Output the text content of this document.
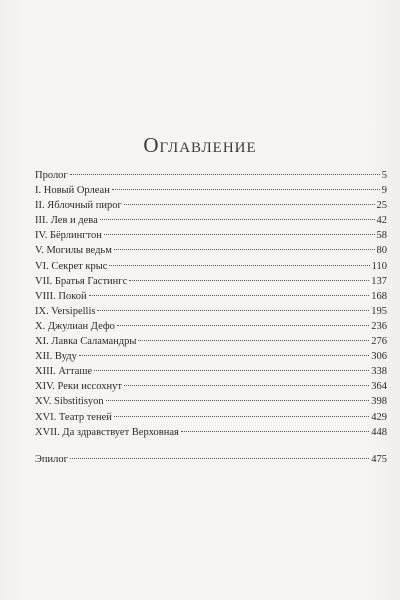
Оглавление
Пролог	5
I. Новый Орлеан	9
II. Яблочный пирог	25
III. Лев и дева	42
IV. Бёрлингтон	58
V. Могилы ведьм	80
VI. Секрет крыс	110
VII. Братья Гастингс	137
VIII. Покой	168
IX. Versipellis	195
X. Джулиан Дефо	236
XI. Лавка Саламандры	276
XII. Вуду	306
XIII. Атташе	338
XIV. Реки иссохнут	364
XV. Sibstitisyon	398
XVI. Театр теней	429
XVII. Да здравствует Верховная	448
Эпилог	475
